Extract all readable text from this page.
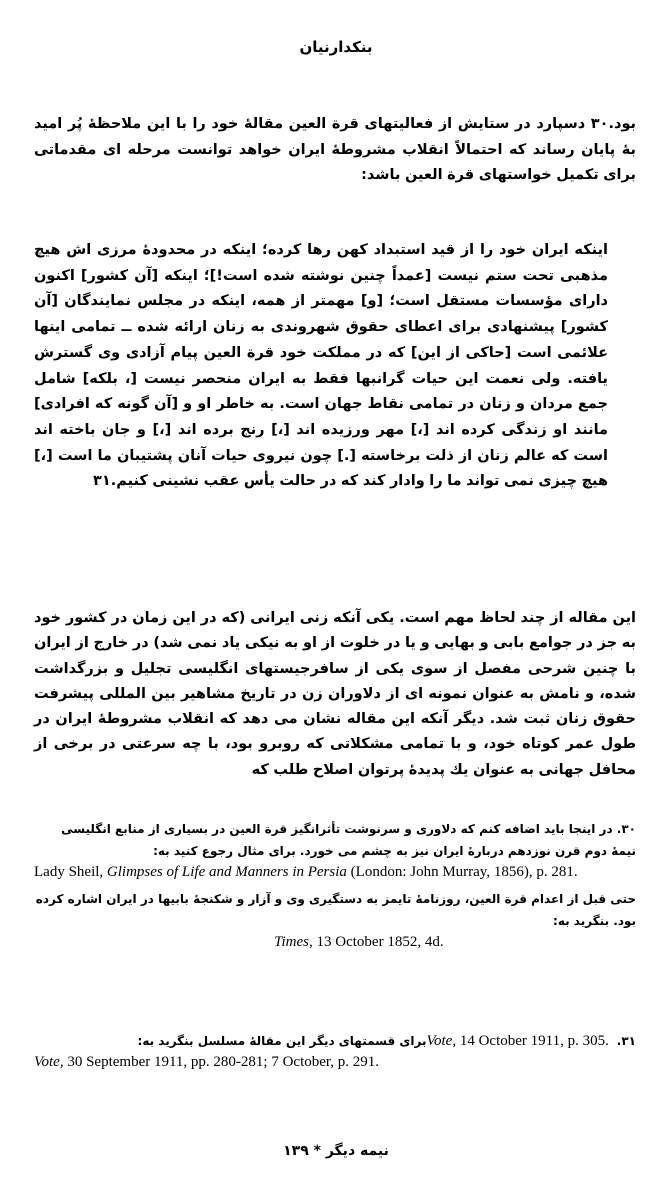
بنکدارنیان

بود.۳۰ دسپارد در ستایش از فعالیتهای قرة العین مقالهٔ خود را با این ملاحظهٔ پُر امید بهٔ پایان رساند که احتمالاً انقلاب مشروطهٔ ایران خواهد توانست مرحله ای مقدماتی برای تکمیل خواستهای قرة العین باشد:

اینکه ایران خود را از قید استبداد کهن رها کرده؛ اینکه در محدودهٔ مرزی اش هیچ مذهبی تحت ستم نیست [عمداً چنین نوشته شده است!]؛ اینکه [آن کشور] اکنون دارای مؤسسات مستقل است؛ [و] مهمتر از همه، اینکه در مجلس نمایندگان [آن کشور] پیشنهادی برای اعطای حقوق شهروندی به زنان ارائه شده ــ تمامی اینها علائمی است [حاکی از این] که در مملکت خود قرة العین پیام آزادی وی گسترش یافته. ولی نعمت این حیات گرانبها فقط به ایران منحصر نیست [، بلکه] شامل جمع مردان و زنان در تمامی نقاط جهان است. به خاطر او و [آن گونه که افرادی] مانند او زندگی کرده اند [،] مهر ورزیده اند [،] رنج برده اند [،] و جان باخته اند است که عالم زنان از ذلت برخاسته [.] چون نیروی حیات آنان پشتیبان ما است [،] هیچ چیزی نمی تواند ما را وادار کند که در حالت یأس عقب نشینی کنیم.۳۱

این مقاله از چند لحاظ مهم است. یکی آنکه زنی ایرانی (که در این زمان در کشور خود به جز در جوامع بابی و بهایی و یا در خلوت از او به نیکی یاد نمی شد) در خارج از ایران با چنین شرحی مفصل از سوی یکی از سافرجیستهای انگلیسی تجلیل و بزرگداشت شده، و نامش به عنوان نمونه ای از دلاوران زن در تاریخ مشاهیر بین المللی پیشرفت حقوق زنان ثبت شد. دیگر آنکه این مقاله نشان می دهد که انقلاب مشروطهٔ ایران در طول عمر کوتاه خود، و با تمامی مشکلاتی که روبرو بود، با چه سرعتی در برخی از محافل جهانی به عنوان یك پدیدهٔ پرتوان اصلاح طلب که

۳۰. در اینجا باید اضافه کنم که دلاوری و سرنوشت تأثرانگیز قرة العین در بسیاری از منابع انگلیسی نیمهٔ دوم قرن نوزدهم دربارهٔ ایران نیز به چشم می خورد. برای مثال رجوع کنید به:

Lady Sheil, Glimpses of Life and Manners in Persia (London: John Murray, 1856), p. 281.

حتی قبل از اعدام قرة العین، روزنامهٔ تایمز به دستگیری وی و آزار و شکنجهٔ بابیها در ایران اشاره کرده بود. بنگرید به:

Times, 13 October 1852, 4d.

۳۱. Vote, 14 October 1911, p. 305. برای قسمتهای دیگر این مقالهٔ مسلسل بنگرید به:

Vote, 30 September 1911, pp. 280-281; 7 October, p. 291.

نیمه دیگر * ۱۳۹
